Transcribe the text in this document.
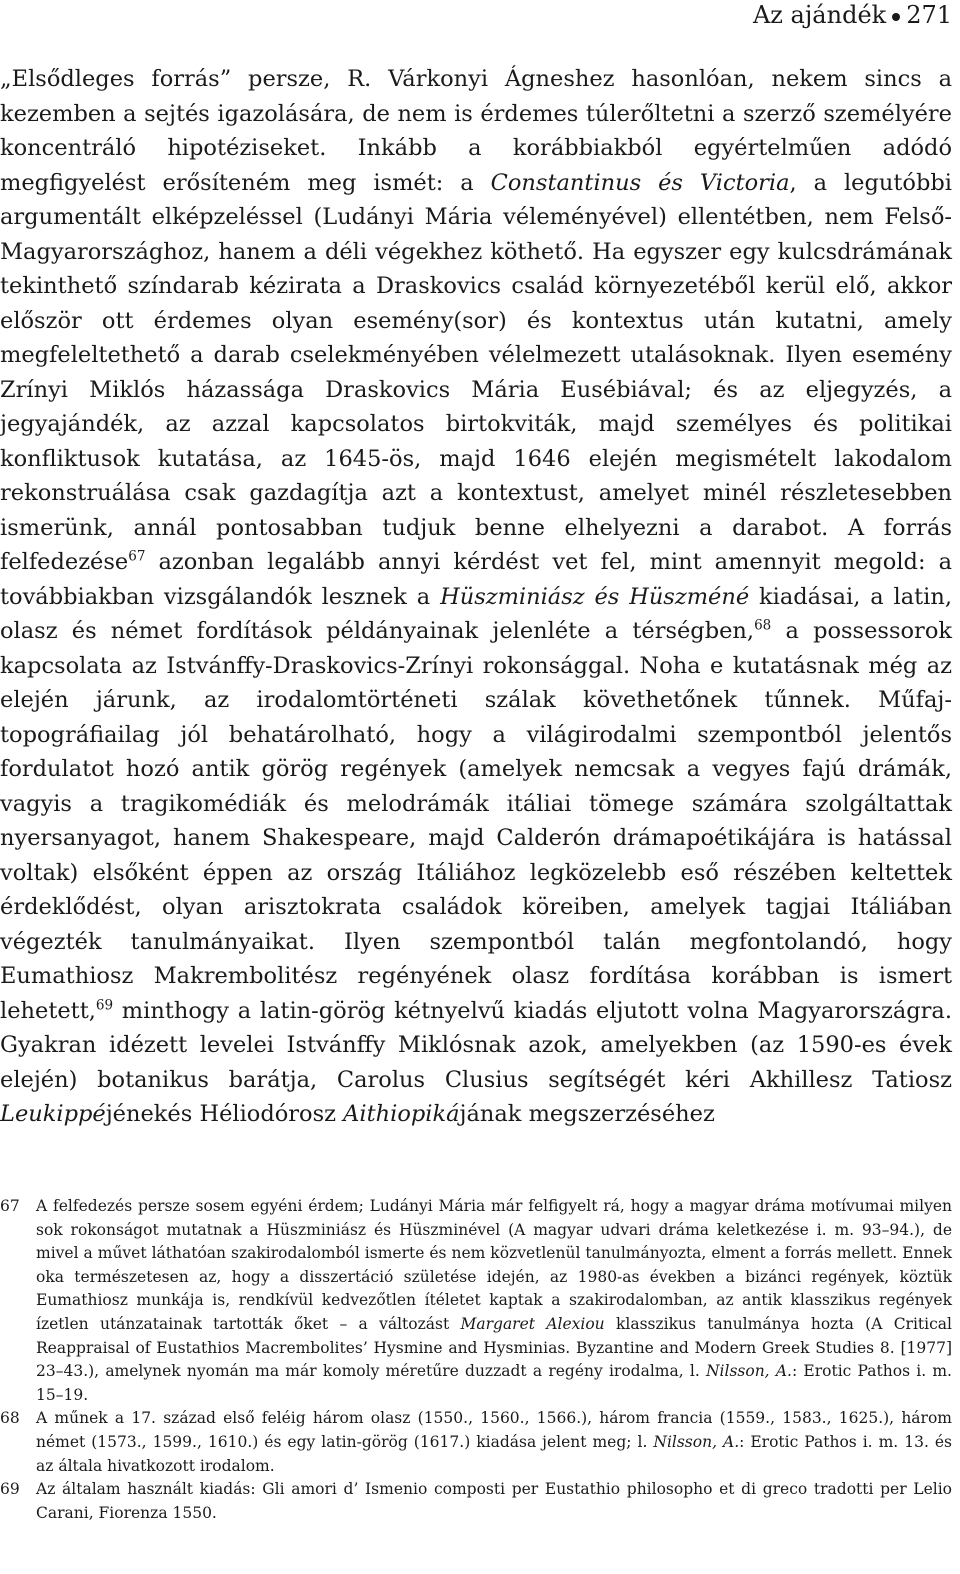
Az ajándék 271

„Elsődleges forrás” persze, R. Várkonyi Ágneshez hasonlóan, nekem sincs a kezemben a sejtés igazolására, de nem is érdemes túlerőltetni a szerző személyére koncentráló hipotéziseket. Inkább a korábbiakból egyértelműen adódó megfigyelést erősíteném meg ismét: a Constantinus és Victoria, a legutóbbi argumentált elképzeléssel (Ludányi Mária véleményével) ellentétben, nem Felső-Magyarországhoz, hanem a déli végekhez köthető. Ha egyszer egy kulcsdrámának tekinthető színdarab kézirata a Draskovics család környezetéből kerül elő, akkor először ott érdemes olyan esemény(sor) és kontextus után kutatni, amely megfeleltethető a darab cselekményében vélelmezett utalásoknak. Ilyen esemény Zrínyi Miklós házassága Draskovics Mária Eusébiával; és az eljegyzés, a jegyajándék, az azzal kapcsolatos birtokviták, majd személyes és politikai konfliktusok kutatása, az 1645-ös, majd 1646 elején megismételt lakodalom rekonstruálása csak gazdagítja azt a kontextust, amelyet minél részletesebben ismerünk, annál pontosabban tudjuk benne elhelyezni a darabot. A forrás felfedezése$^{67}$ azonban legalább annyi kérdést vet fel, mint amennyit megold: a továbbiakban vizsgálandók lesznek a Hüszminiász és Hüszméné kiadásai, a latin, olasz és német fordítások példányainak jelenléte a térségben,$^{68}$ a possessorok kapcsolata az Istvánffy-Draskovics-Zrínyi rokonsággal. Noha e kutatásnak még az elején járunk, az irodalomtörténeti szálak követhetőnek tűnnek. Műfaj-topográfiailag jól behatárolható, hogy a világirodalmi szempontból jelentős fordulatot hozó antik görög regények (amelyek nemcsak a vegyes fajú drámák, vagyis a tragikomédiák és melodrámák itáliai tömege számára szolgáltattak nyersanyagot, hanem Shakespeare, majd Calderón drámapoétikájára is hatással voltak) elsőként éppen az ország Itáliához legközelebb eső részében keltettek érdeklődést, olyan arisztokrata családok köreiben, amelyek tagjai Itáliában végezték tanulmányaikat. Ilyen szempontból talán megfontolandó, hogy Eumathiosz Makrembolitész regényének olasz fordítása korábban is ismert lehetett,$^{69}$ minthogy a latin-görög kétnyelvű kiadás eljutott volna Magyarországra. Gyakran idézett levelei Istvánffy Miklósnak azok, amelyekben (az 1590-es évek elején) botanikus barátja, Carolus Clusius segítségét kéri Akhillesz Tatiosz Leukippéjénekés Héliodórosz Aithiopikájának megszerzéséhez

67	A felfedezés persze sosem egyéni érdem; Ludányi Mária már felfigyelt rá, hogy a magyar dráma motívumai milyen sok rokonságot mutatnak a Hüszminiász és Hüszminével (A magyar udvari dráma keletkezése i. m. 93–94.), de mivel a művet láthatóan szakirodalomból ismerte és nem közvetlenül tanulmányozta, elment a forrás mellett. Ennek oka természetesen az, hogy a disszertáció születése idején, az 1980-as években a bizánci regények, köztük Eumathiosz munkája is, rendkívül kedvezőtlen ítéletet kaptak a szakirodalomban, az antik klasszikus regények ízetlen utánzatainak tartották őket – a változást Margaret Alexiou klasszikus tanulmánya hozta (A Critical Reappraisal of Eustathios Macrembolites’ Hysmine and Hysminias. Byzantine and Modern Greek Studies 8. [1977] 23–43.), amelynek nyomán ma már komoly méretűre duzzadt a regény irodalma, l. Nilsson, A.: Erotic Pathos i. m. 15–19.
68	A műnek a 17. század első feléig három olasz (1550., 1560., 1566.), három francia (1559., 1583., 1625.), három német (1573., 1599., 1610.) és egy latin-görög (1617.) kiadása jelent meg; l. Nilsson, A.: Erotic Pathos i. m. 13. és az általa hivatkozott irodalom.
69	Az általam használt kiadás: Gli amori d’ Ismenio composti per Eustathio philosopho et di greco tradotti per Lelio Carani, Fiorenza 1550.
